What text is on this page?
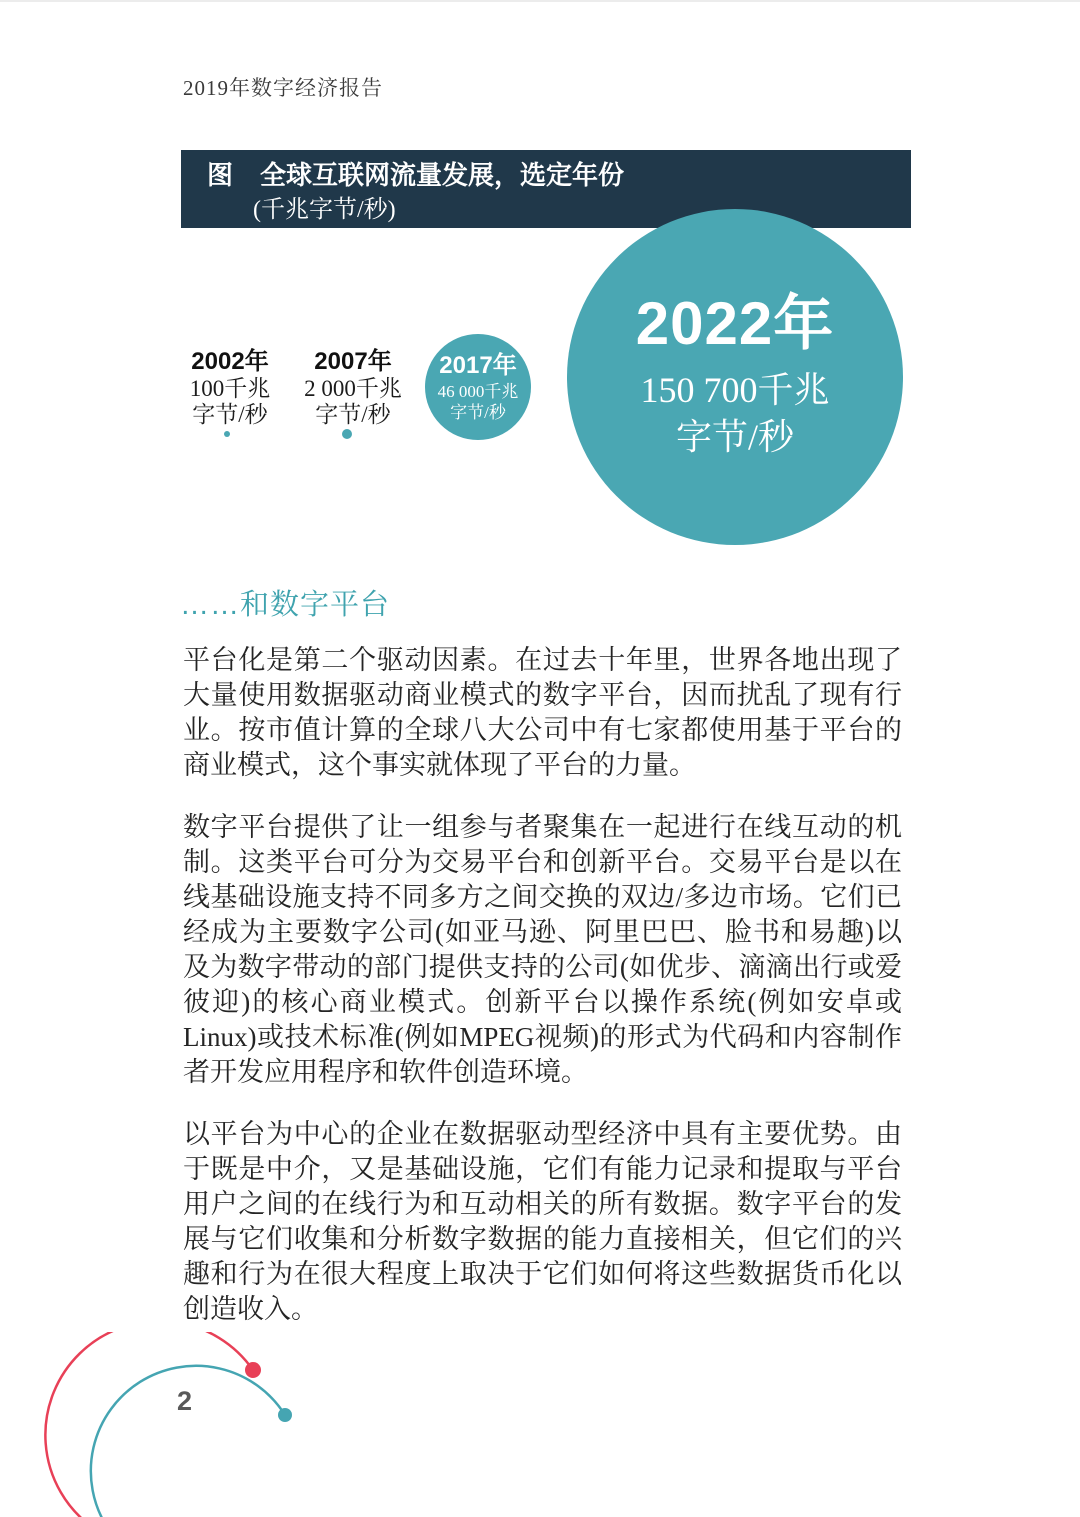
2019年数字经济报告
图 全球互联网流量发展，选定年份
(千兆字节/秒)
2022年
150 700千兆
字节/秒
2017年
46 000千兆
字节/秒
2002年
100千兆
字节/秒
2007年
2 000千兆
字节/秒
……和数字平台

平台化是第二个驱动因素。在过去十年里，世界各地出现了大量使用数据驱动商业模式的数字平台，因而扰乱了现有行业。按市值计算的全球八大公司中有七家都使用基于平台的商业模式，这个事实就体现了平台的力量。

数字平台提供了让一组参与者聚集在一起进行在线互动的机制。这类平台可分为交易平台和创新平台。交易平台是以在线基础设施支持不同多方之间交换的双边/多边市场。它们已经成为主要数字公司(如亚马逊、阿里巴巴、脸书和易趣)以及为数字带动的部门提供支持的公司(如优步、滴滴出行或爱彼迎)的核心商业模式。创新平台以操作系统(例如安卓或Linux)或技术标准(例如MPEG视频)的形式为代码和内容制作者开发应用程序和软件创造环境。

以平台为中心的企业在数据驱动型经济中具有主要优势。由于既是中介，又是基础设施，它们有能力记录和提取与平台用户之间的在线行为和互动相关的所有数据。数字平台的发展与它们收集和分析数字数据的能力直接相关，但它们的兴趣和行为在很大程度上取决于它们如何将这些数据货币化以创造收入。

2
